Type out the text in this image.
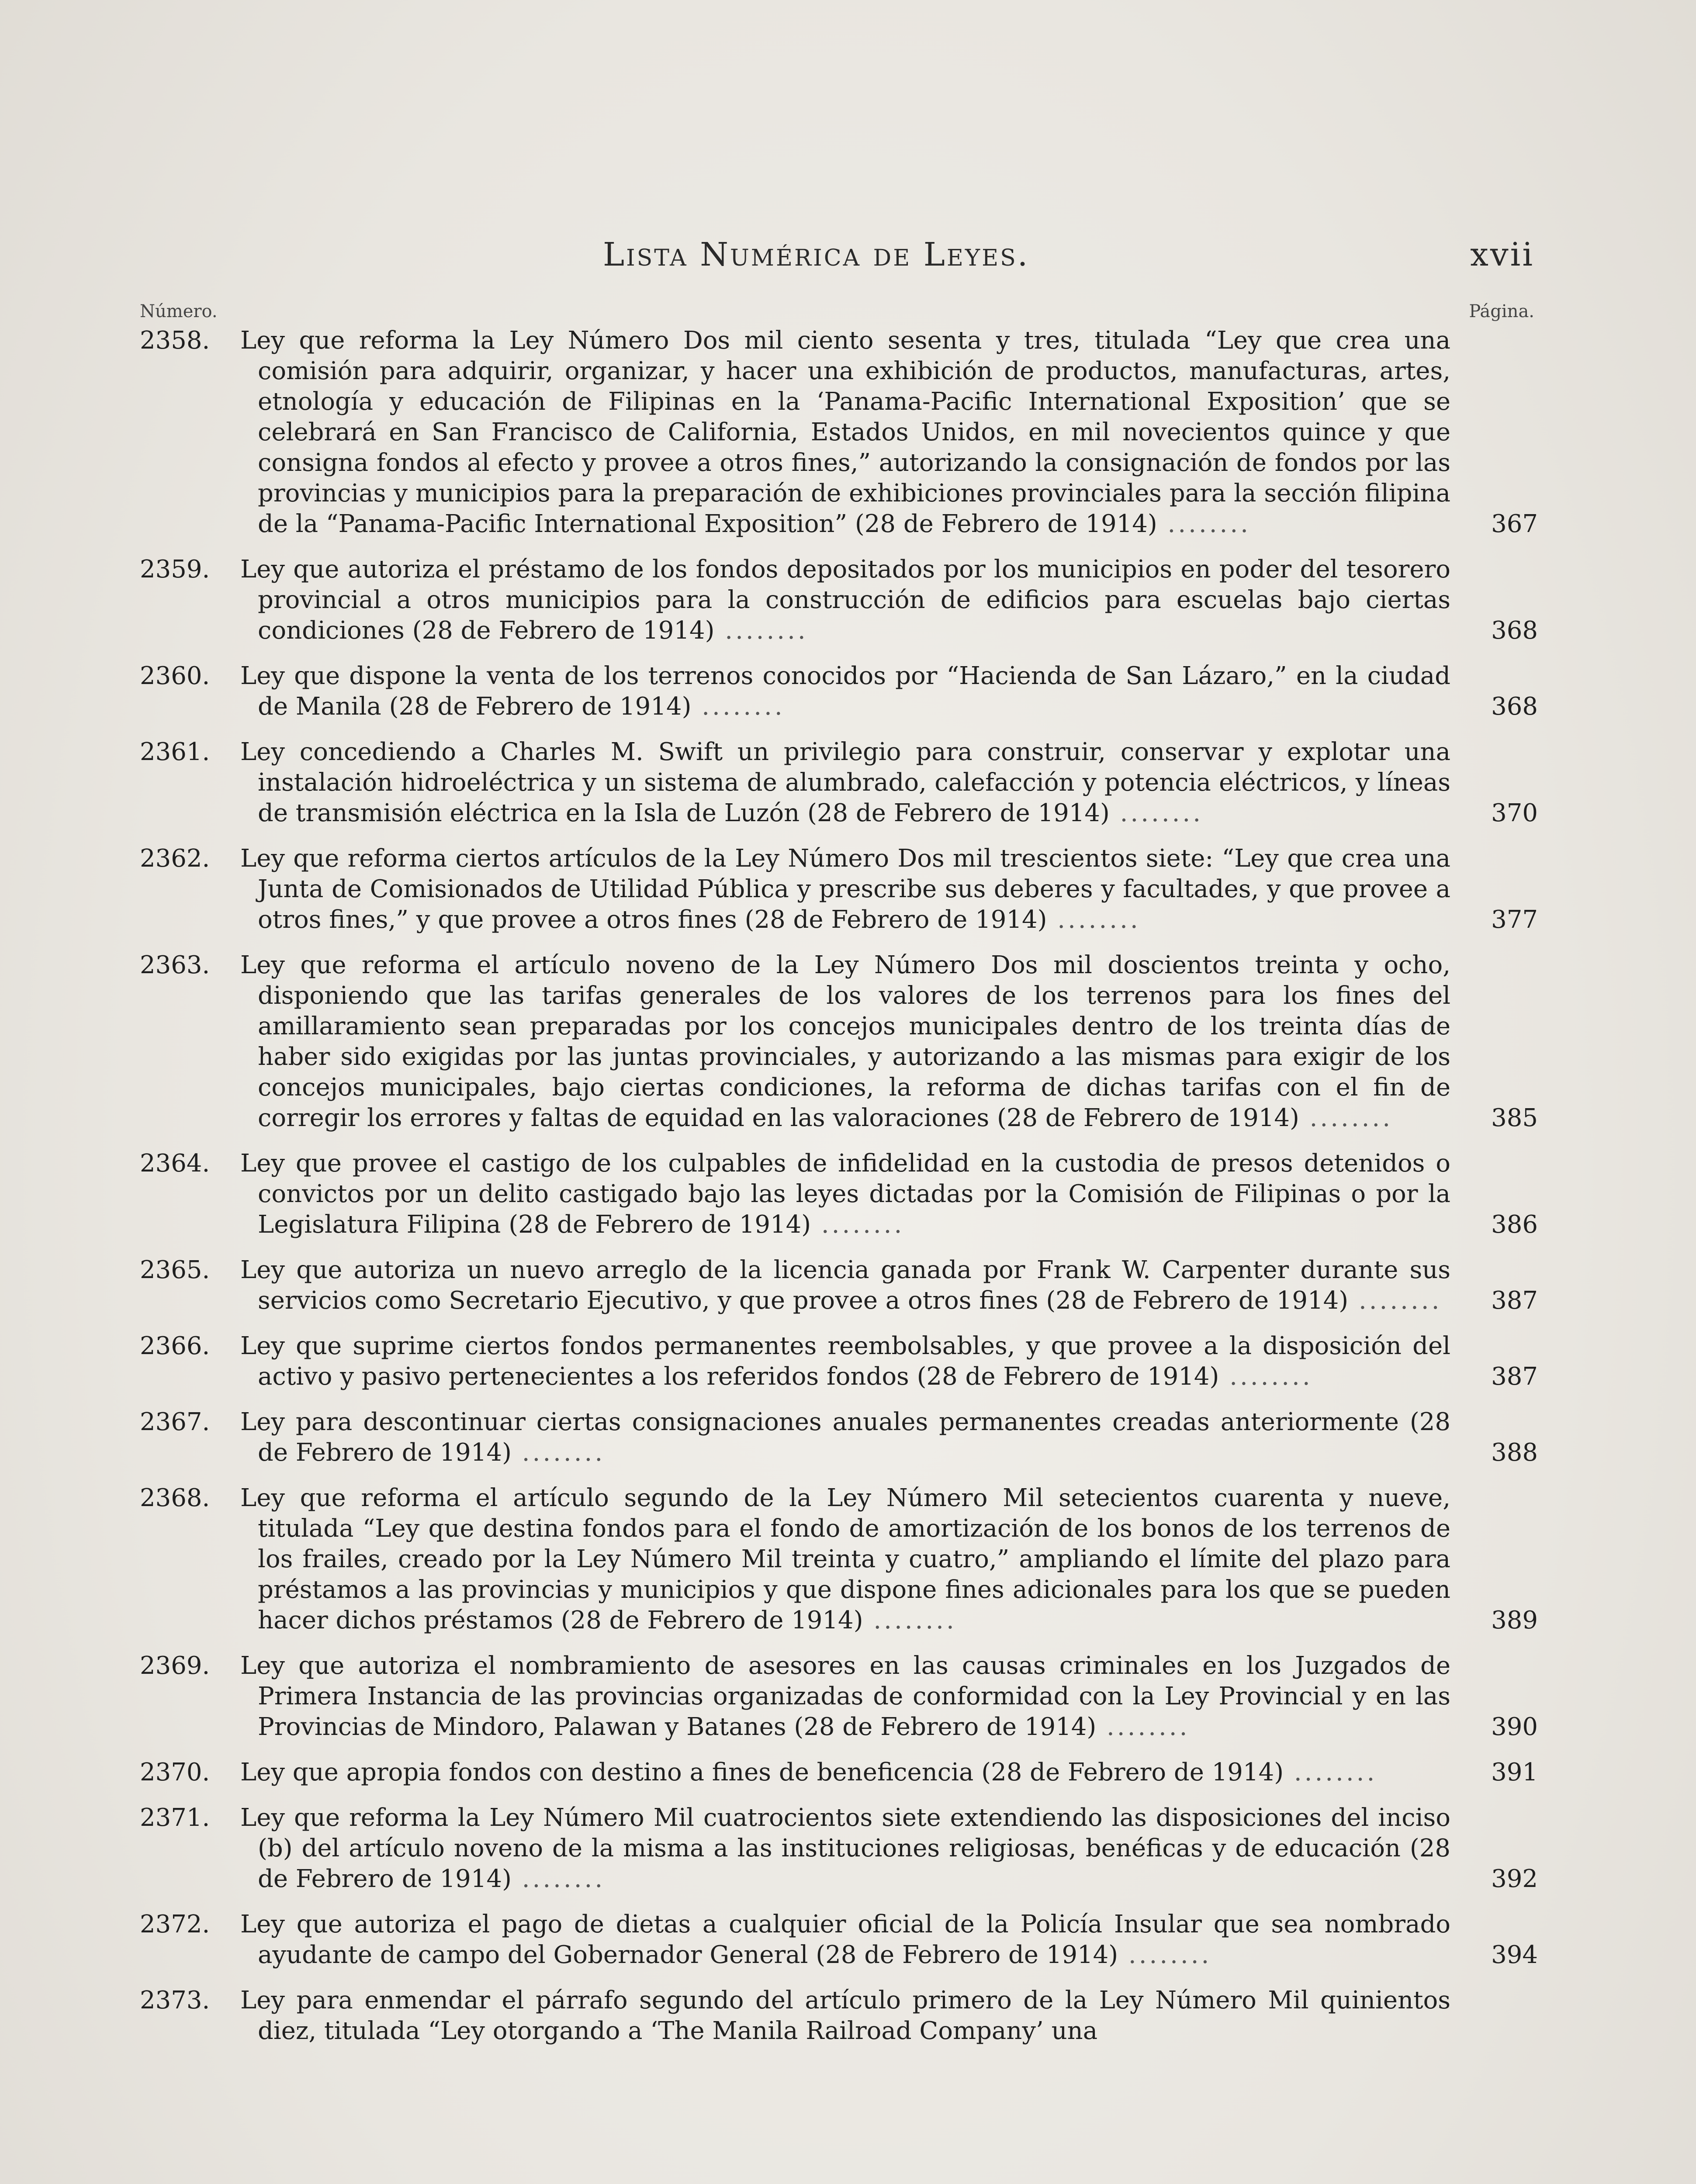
Lista Numérica de Leyes.	xvii
Número.	Página.
2358.	Ley que reforma la Ley Número Dos mil ciento sesenta y tres, titulada “Ley que crea una comisión para adquirir, organizar, y hacer una exhibición de productos, manufacturas, artes, etnología y educación de Filipinas en la ‘Panama-Pacific International Exposition’ que se celebrará en San Francisco de California, Estados Unidos, en mil novecientos quince y que consigna fondos al efecto y provee a otros fines,” autorizando la consignación de fondos por las provincias y municipios para la preparación de exhibiciones provinciales para la sección filipina de la “Panama-Pacific International Exposition” (28 de Febrero de 1914) ........	367
2359.	Ley que autoriza el préstamo de los fondos depositados por los municipios en poder del tesorero provincial a otros municipios para la construcción de edificios para escuelas bajo ciertas condiciones (28 de Febrero de 1914) ........	368
2360.	Ley que dispone la venta de los terrenos conocidos por “Hacienda de San Lázaro,” en la ciudad de Manila (28 de Febrero de 1914) ........	368
2361.	Ley concediendo a Charles M. Swift un privilegio para construir, conservar y explotar una instalación hidroeléctrica y un sistema de alumbrado, calefacción y potencia eléctricos, y líneas de transmisión eléctrica en la Isla de Luzón (28 de Febrero de 1914) ........	370
2362.	Ley que reforma ciertos artículos de la Ley Número Dos mil trescientos siete: “Ley que crea una Junta de Comisionados de Utilidad Pública y prescribe sus deberes y facultades, y que provee a otros fines,” y que provee a otros fines (28 de Febrero de 1914) ........	377
2363.	Ley que reforma el artículo noveno de la Ley Número Dos mil doscientos treinta y ocho, disponiendo que las tarifas generales de los valores de los terrenos para los fines del amillaramiento sean preparadas por los concejos municipales dentro de los treinta días de haber sido exigidas por las juntas provinciales, y autorizando a las mismas para exigir de los concejos municipales, bajo ciertas condiciones, la reforma de dichas tarifas con el fin de corregir los errores y faltas de equidad en las valoraciones (28 de Febrero de 1914) ........	385
2364.	Ley que provee el castigo de los culpables de infidelidad en la custodia de presos detenidos o convictos por un delito castigado bajo las leyes dictadas por la Comisión de Filipinas o por la Legislatura Filipina (28 de Febrero de 1914) ........	386
2365.	Ley que autoriza un nuevo arreglo de la licencia ganada por Frank W. Carpenter durante sus servicios como Secretario Ejecutivo, y que provee a otros fines (28 de Febrero de 1914) ........	387
2366.	Ley que suprime ciertos fondos permanentes reembolsables, y que provee a la disposición del activo y pasivo pertenecientes a los referidos fondos (28 de Febrero de 1914) ........	387
2367.	Ley para descontinuar ciertas consignaciones anuales permanentes creadas anteriormente (28 de Febrero de 1914) ........	388
2368.	Ley que reforma el artículo segundo de la Ley Número Mil setecientos cuarenta y nueve, titulada “Ley que destina fondos para el fondo de amortización de los bonos de los terrenos de los frailes, creado por la Ley Número Mil treinta y cuatro,” ampliando el límite del plazo para préstamos a las provincias y municipios y que dispone fines adicionales para los que se pueden hacer dichos préstamos (28 de Febrero de 1914) ........	389
2369.	Ley que autoriza el nombramiento de asesores en las causas criminales en los Juzgados de Primera Instancia de las provincias organizadas de conformidad con la Ley Provincial y en las Provincias de Mindoro, Palawan y Batanes (28 de Febrero de 1914) ........	390
2370.	Ley que apropia fondos con destino a fines de beneficencia (28 de Febrero de 1914) ........	391
2371.	Ley que reforma la Ley Número Mil cuatrocientos siete extendiendo las disposiciones del inciso (b) del artículo noveno de la misma a las instituciones religiosas, benéficas y de educación (28 de Febrero de 1914) ........	392
2372.	Ley que autoriza el pago de dietas a cualquier oficial de la Policía Insular que sea nombrado ayudante de campo del Gobernador General (28 de Febrero de 1914) ........	394
2373.	Ley para enmendar el párrafo segundo del artículo primero de la Ley Número Mil quinientos diez, titulada “Ley otorgando a ‘The Manila Railroad Company’ una
